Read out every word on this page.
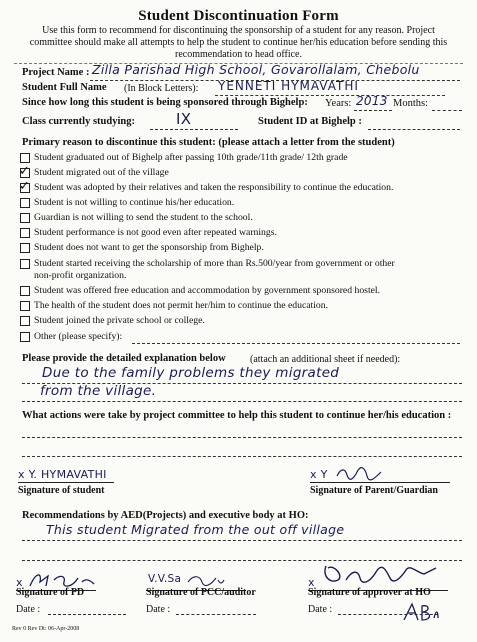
Student Discontinuation Form
Use this form to recommend for discontinuing the sponsorship of a student for any reason. Project committee should make all attempts to help the student to continue her/his education before sending this recommendation to head office.
Project Name : Zilla Parishad High School, Govarollalam, Chebolu
Student Full Name (In Block Letters): YENNETI HYMAVATHI
Since how long this student is being sponsored through Bighelp: Years: 2013 Months:
Class currently studying:	IX	Student ID at Bighelp :
Primary reason to discontinue this student: (please attach a letter from the student)
Student graduated out of Bighelp after passing 10th grade/11th grade/ 12th grade
✓ Student migrated out of the village
✓ Student was adopted by their relatives and taken the responsibility to continue the education.
Student is not willing to continue his/her education.
Guardian is not willing to send the student to the school.
Student performance is not good even after repeated warnings.
Student does not want to get the sponsorship from Bighelp.
Student started receiving the scholarship of more than Rs.500/year from government or other
non-profit organization.
Student was offered free education and accommodation by government sponsored hostel.
The health of the student does not permit her/him to continue the education.
Student joined the private school or college.
Other (please specify):
Please provide the detailed explanation below (attach an additional sheet if needed):
Due to the family problems they migrated
from the village.
What actions were take by project committee to help this student to continue her/his education :
x Y. HYMAVATHI
Signature of student
x Y
Signature of Parent/Guardian
Recommendations by AED(Projects) and executive body at HO:
This student Migrated from the out off village
x
Signature of PD
Date :
V.V.Sa
Signature of PCC/auditor
Date :
x
Signature of approver at HO
Date :
Rev 0 Rev Dt: 06-Apr-2008
